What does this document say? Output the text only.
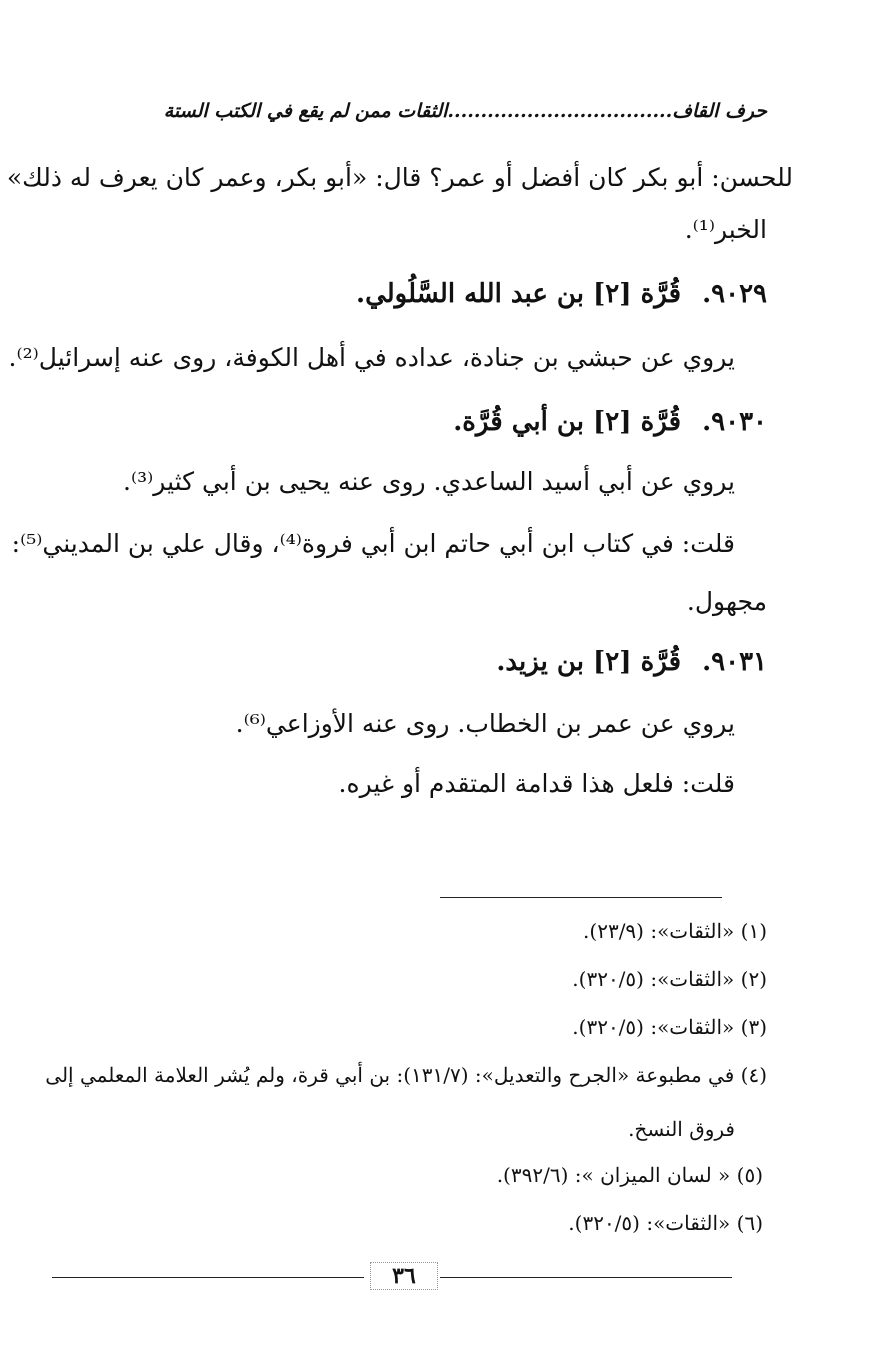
حرف القاف..................................الثقات ممن لم يقع في الكتب الستة
للحسن: أبو بكر كان أفضل أو عمر؟ قال: «أبو بكر، وعمر كان يعرف له ذلك»
الخبر⁽¹⁾.
٩٠٢٩. قُرَّة [٢] بن عبد الله السَّلُولي.
يروي عن حبشي بن جنادة، عداده في أهل الكوفة، روى عنه إسرائيل⁽²⁾.
٩٠٣٠. قُرَّة [٢] بن أبي قُرَّة.
يروي عن أبي أسيد الساعدي. روى عنه يحيى بن أبي كثير⁽³⁾.
قلت: في كتاب ابن أبي حاتم ابن أبي فروة⁽⁴⁾، وقال علي بن المديني⁽⁵⁾:
مجهول.
٩٠٣١. قُرَّة [٢] بن يزيد.
يروي عن عمر بن الخطاب. روى عنه الأوزاعي⁽⁶⁾.
قلت: فلعل هذا قدامة المتقدم أو غيره.
(١) «الثقات»: (٢٣/٩).
(٢) «الثقات»: (٣٢٠/٥).
(٣) «الثقات»: (٣٢٠/٥).
(٤) في مطبوعة «الجرح والتعديل»: (١٣١/٧): بن أبي قرة، ولم يُشر العلامة المعلمي إلى
فروق النسخ.
(٥) « لسان الميزان »: (٣٩٢/٦).
(٦) «الثقات»: (٣٢٠/٥).
٣٦
